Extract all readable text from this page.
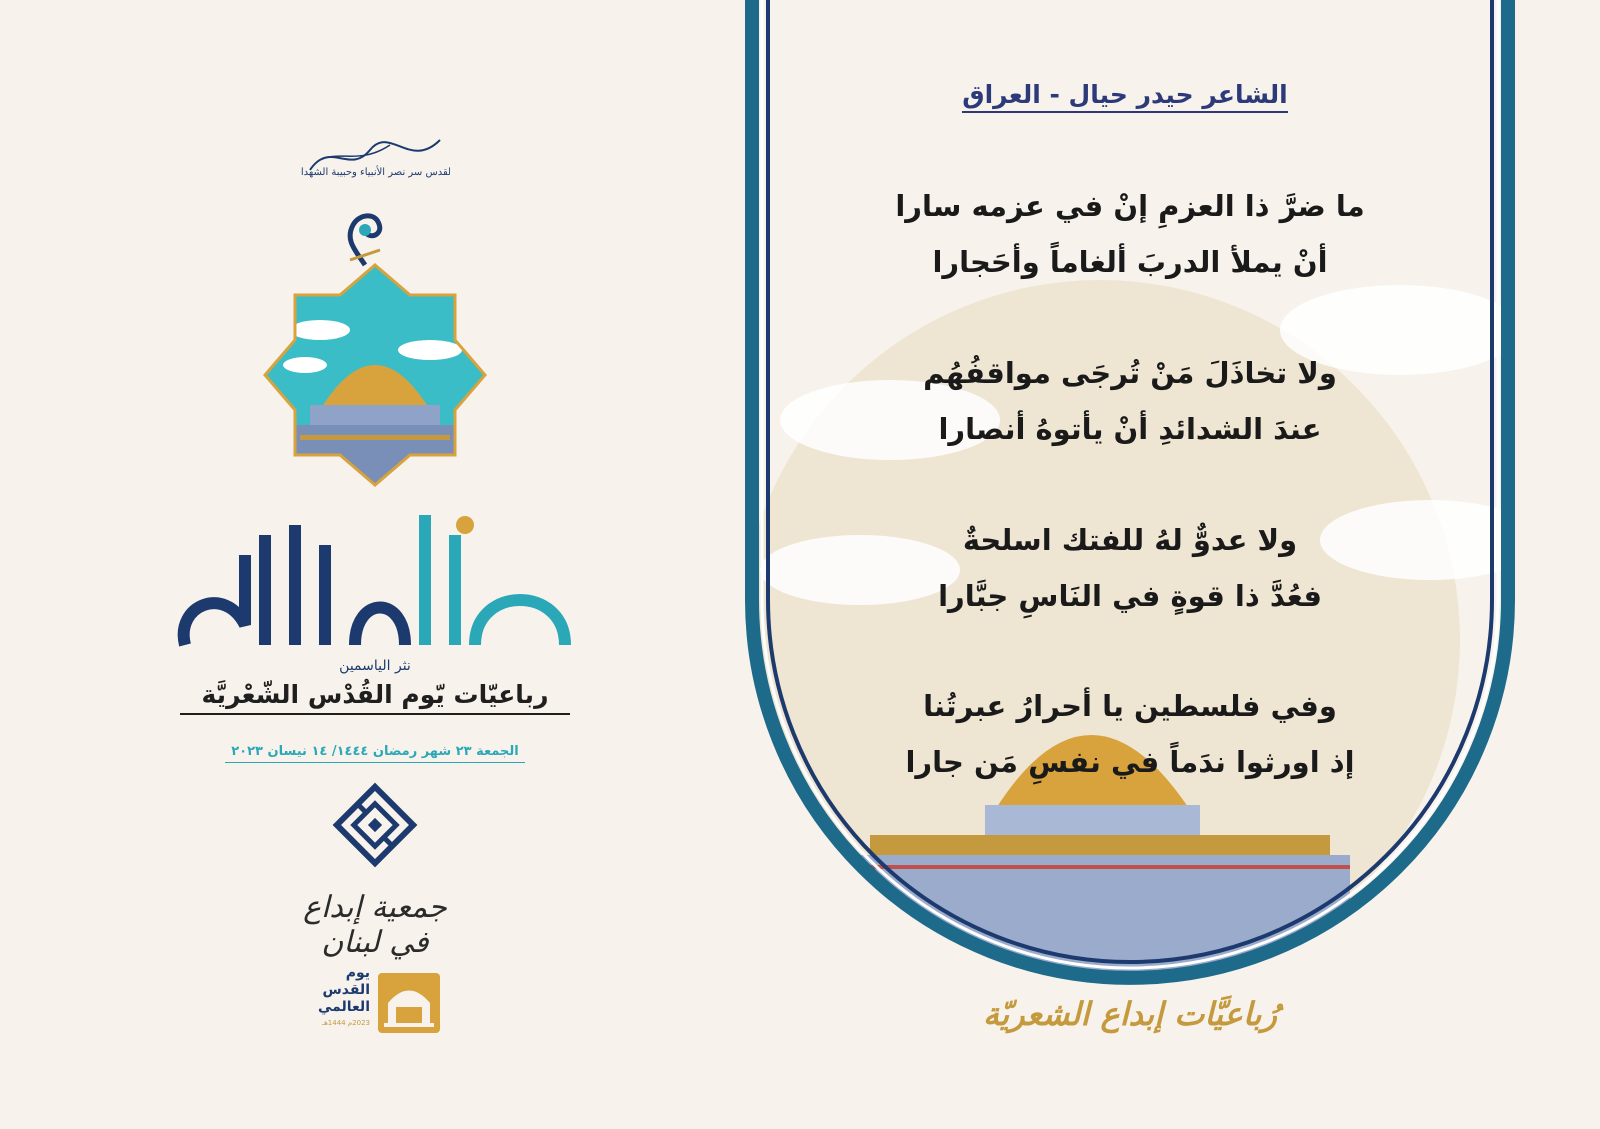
القدس سر نصر الأنبياء وحبيبة الشهداء
نثر الياسمين
رباعيّات يّوم القُدْس الشّعْريَّة
الجمعة ٢٣ شهر رمضان ١٤٤٤/ ١٤ نيسان ٢٠٢٣
جمعية إبداع في لبنان
يوم
القدس
العالمي
2023م 1444هـ
الشاعر حيدر حيال - العراق
ما ضرَّ ذا العزمِ إنْ في عزمه سارا
أنْ يملأ الدربَ ألغاماً وأحَجارا
ولا تخاذَلَ مَنْ تُرجَى مواقفُهُم
عندَ الشدائدِ أنْ يأتوهُ أنصارا
ولا عدوٌّ لهُ للفتك اسلحةٌ
فعُدَّ ذا قوةٍ في النَاسِ جبَّارا
وفي فلسطين يا أحرارُ عبرتُنا
إذ اورثوا ندَماً في نفسِ مَن جارا
رُباعيَّات إبداع الشعريّة
